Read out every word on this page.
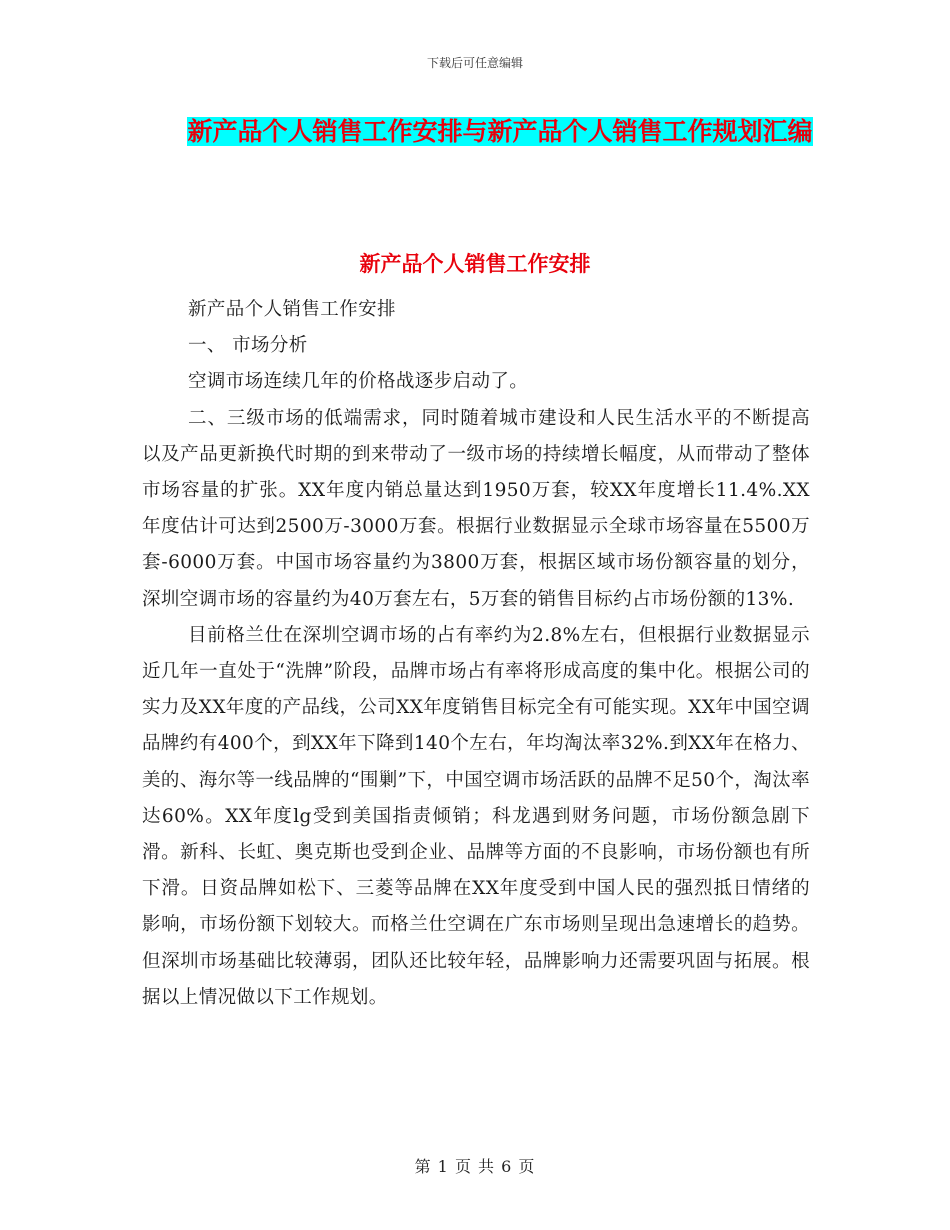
下载后可任意编辑
新产品个人销售工作安排与新产品个人销售工作规划汇编
新产品个人销售工作安排

新产品个人销售工作安排

一、 市场分析

空调市场连续几年的价格战逐步启动了。

二、三级市场的低端需求，同时随着城市建设和人民生活水平的不断提高以及产品更新换代时期的到来带动了一级市场的持续增长幅度，从而带动了整体市场容量的扩张。XX年度内销总量达到1950万套，较XX年度增长11.4%.XX年度估计可达到2500万-3000万套。根据行业数据显示全球市场容量在5500万套-6000万套。中国市场容量约为3800万套，根据区域市场份额容量的划分，深圳空调市场的容量约为40万套左右，5万套的销售目标约占市场份额的13%.

目前格兰仕在深圳空调市场的占有率约为2.8%左右，但根据行业数据显示近几年一直处于“洗牌”阶段，品牌市场占有率将形成高度的集中化。根据公司的实力及XX年度的产品线，公司XX年度销售目标完全有可能实现。XX年中国空调品牌约有400个，到XX年下降到140个左右，年均淘汰率32%.到XX年在格力、美的、海尔等一线品牌的“围剿”下，中国空调市场活跃的品牌不足50个，淘汰率达60%。XX年度lg受到美国指责倾销；科龙遇到财务问题，市场份额急剧下滑。新科、长虹、奥克斯也受到企业、品牌等方面的不良影响，市场份额也有所下滑。日资品牌如松下、三菱等品牌在XX年度受到中国人民的强烈抵日情绪的影响，市场份额下划较大。而格兰仕空调在广东市场则呈现出急速增长的趋势。但深圳市场基础比较薄弱，团队还比较年轻，品牌影响力还需要巩固与拓展。根据以上情况做以下工作规划。

第 1 页 共 6 页
